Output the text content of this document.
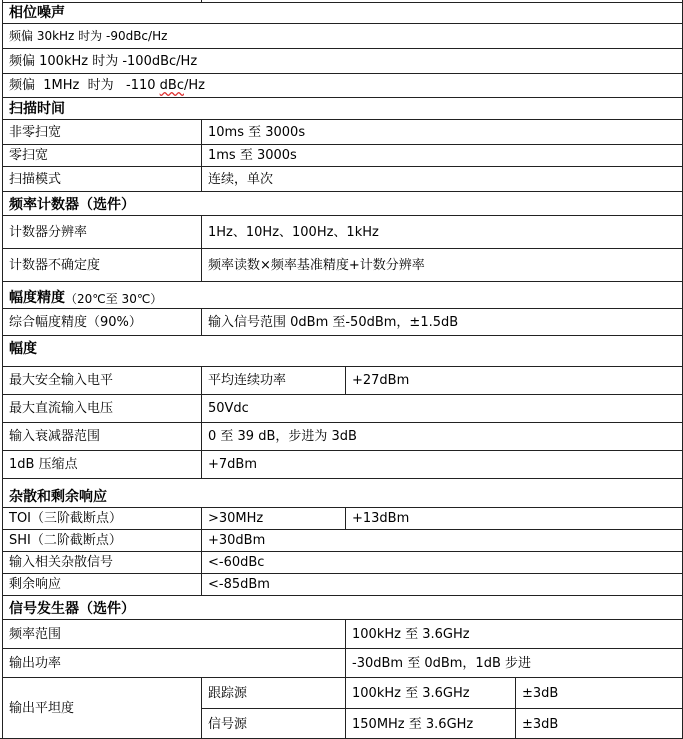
相位噪声
频偏 30kHz 时为 -90dBc/Hz
频偏 100kHz 时为 -100dBc/Hz
频偏  1MHz  时为   -110 dBc /Hz
扫描时间
非零扫宽	10ms 至 3000s
零扫宽	1ms 至 3000s
扫描模式	连续，单次
频率计数器（选件）
计数器分辨率	1Hz、10Hz、100Hz、1kHz
计数器不确定度	频率读数×频率基准精度+计数分辨率
幅度精度 （20℃至 30℃）
综合幅度精度（90%）	输入信号范围 0dBm 至-50dBm，±1.5dB
幅度
最大安全输入电平	平均连续功率	+27dBm
最大直流输入电压	50Vdc
输入衰减器范围	0 至 39 dB，步进为 3dB
1dB 压缩点	+7dBm
杂散和剩余响应
TOI（三阶截断点）	>30MHz	+13dBm
SHI（二阶截断点）	+30dBm
输入相关杂散信号	<-60dBc
剩余响应	<-85dBm
信号发生器（选件）
频率范围	100kHz 至 3.6GHz
输出功率	-30dBm 至 0dBm，1dB 步进
输出平坦度
跟踪源	100kHz 至 3.6GHz	±3dB
信号源	150MHz 至 3.6GHz	±3dB
